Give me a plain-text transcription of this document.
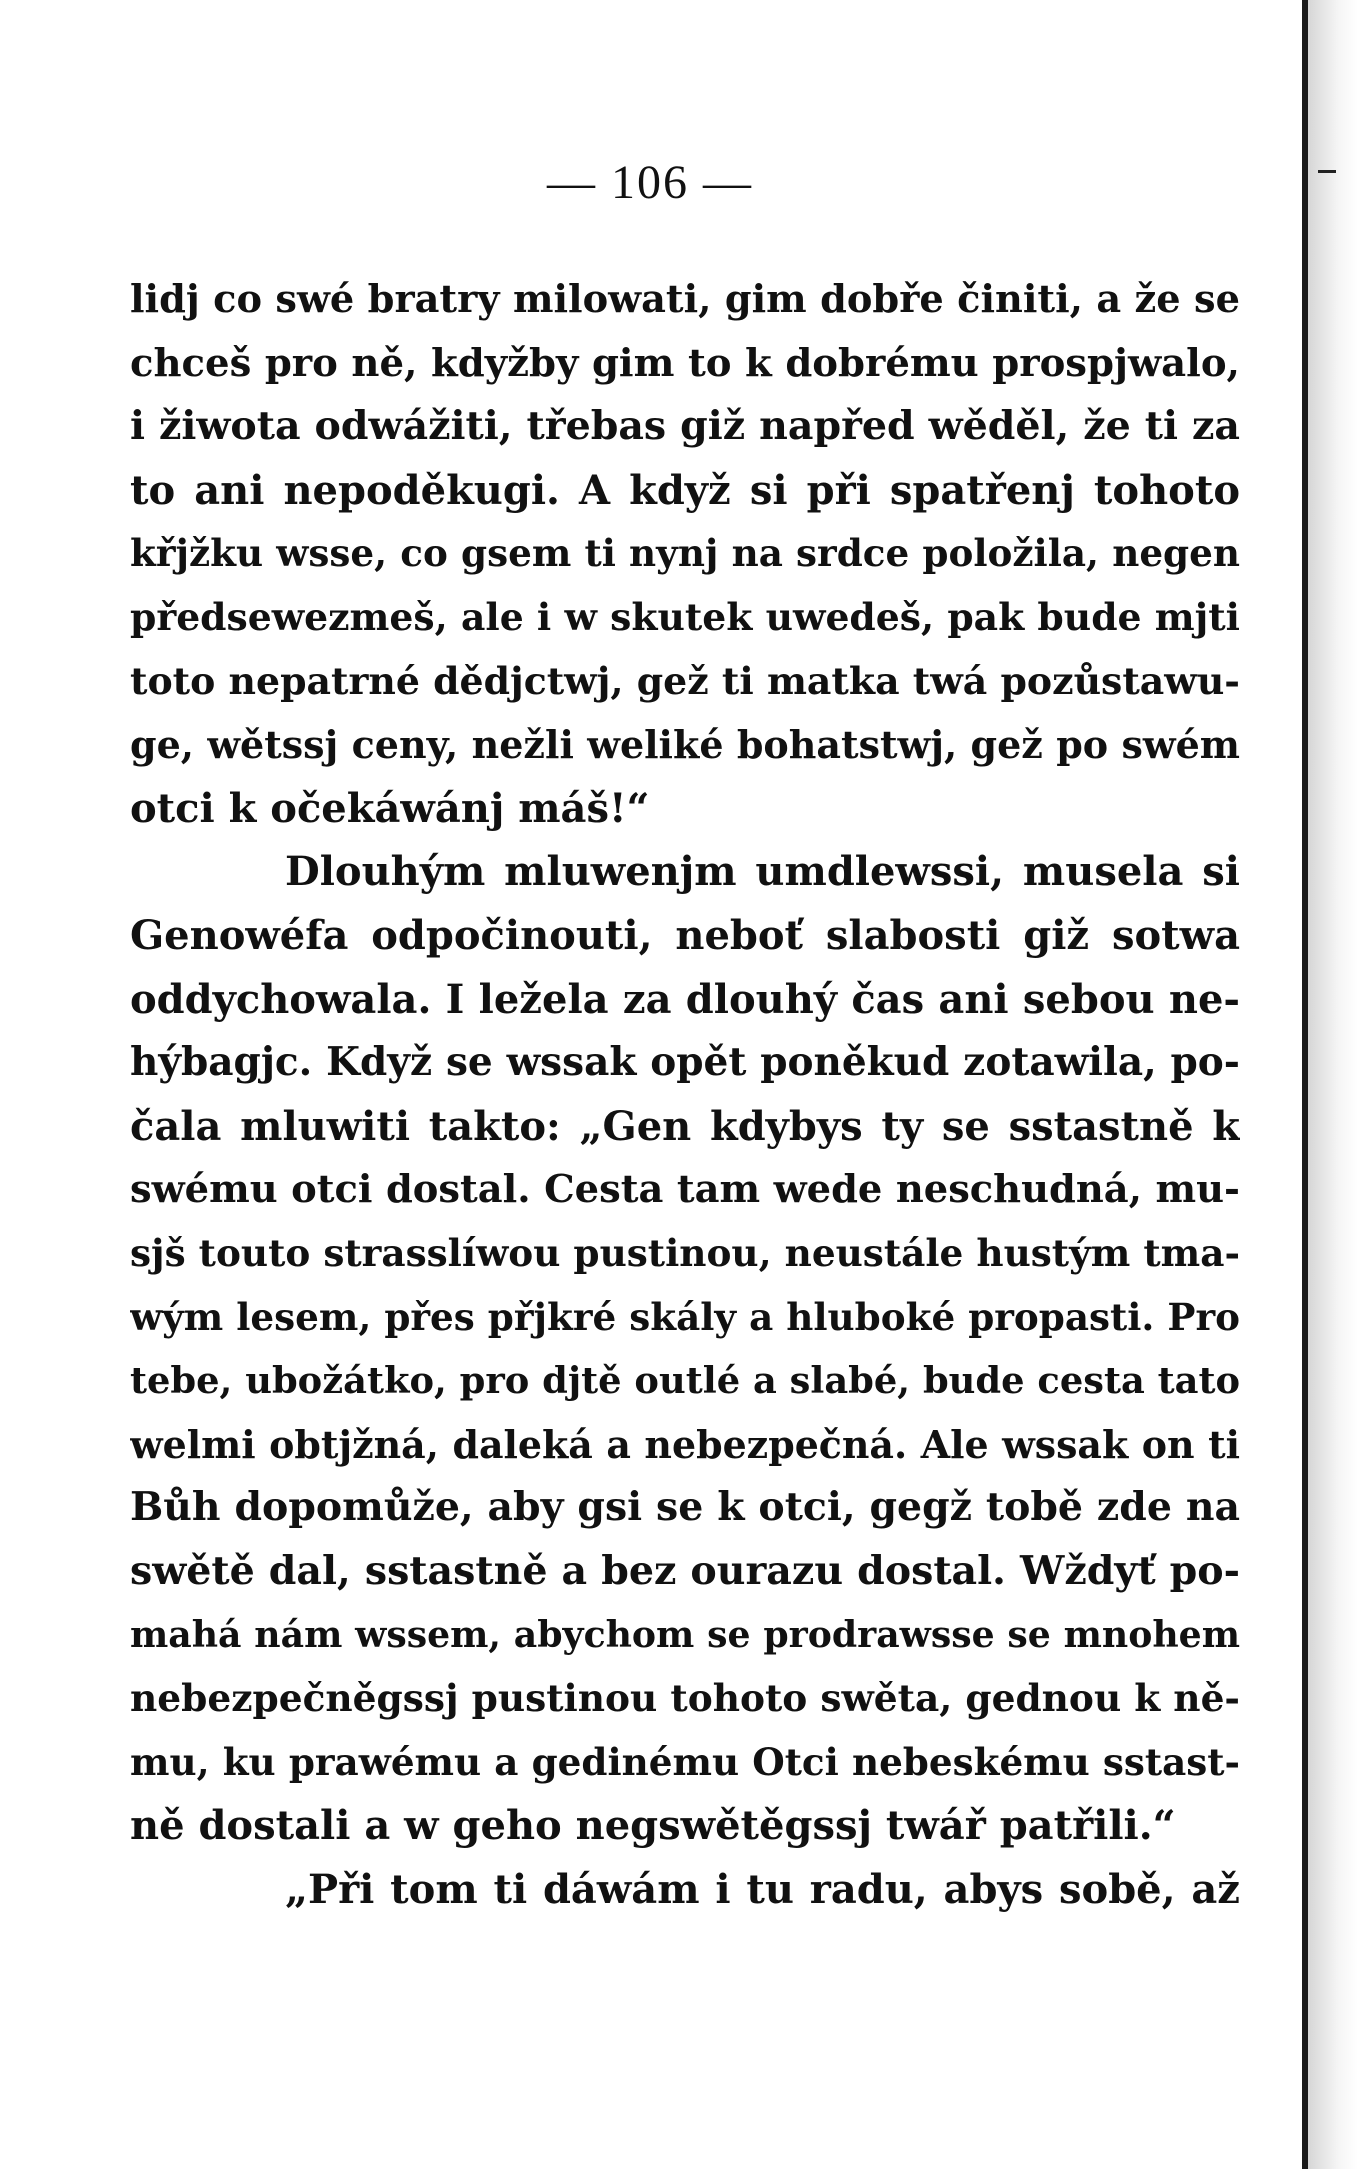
— 106 —
lidj co swé bratry milowati, gim dobře činiti, a že se
chceš pro ně, kdyžby gim to k dobrému prospjwalo,
i žiwota odwážiti, třebas giž napřed wěděl, že ti za
to ani nepoděkugi. A když si při spatřenj tohoto
křjžku wsse, co gsem ti nynj na srdce položila, negen
předsewezmeš, ale i w skutek uwedeš, pak bude mjti
toto nepatrné dědjctwj, gež ti matka twá pozůstawu-
ge, wětssj ceny, nežli weliké bohatstwj, gež po swém
otci k očekáwánj máš!“
Dlouhým mluwenjm umdlewssi, musela si
Genowéfa odpočinouti, neboť slabosti giž sotwa
oddychowala. I ležela za dlouhý čas ani sebou ne-
hýbagjc. Když se wssak opět poněkud zotawila, po-
čala mluwiti takto: „Gen kdybys ty se sstastně k
swému otci dostal. Cesta tam wede neschudná, mu-
sjš touto strasslíwou pustinou, neustále hustým tma-
wým lesem, přes přjkré skály a hluboké propasti. Pro
tebe, ubožátko, pro djtě outlé a slabé, bude cesta tato
welmi obtjžná, daleká a nebezpečná. Ale wssak on ti
Bůh dopomůže, aby gsi se k otci, gegž tobě zde na
swětě dal, sstastně a bez ourazu dostal. Wždyť po-
mahá nám wssem, abychom se prodrawsse se mnohem
nebezpečněgssj pustinou tohoto swěta, gednou k ně-
mu, ku prawému a gedinému Otci nebeskému sstast-
ně dostali a w geho negswětěgssj twář patřili.“
„Při tom ti dáwám i tu radu, abys sobě, až
